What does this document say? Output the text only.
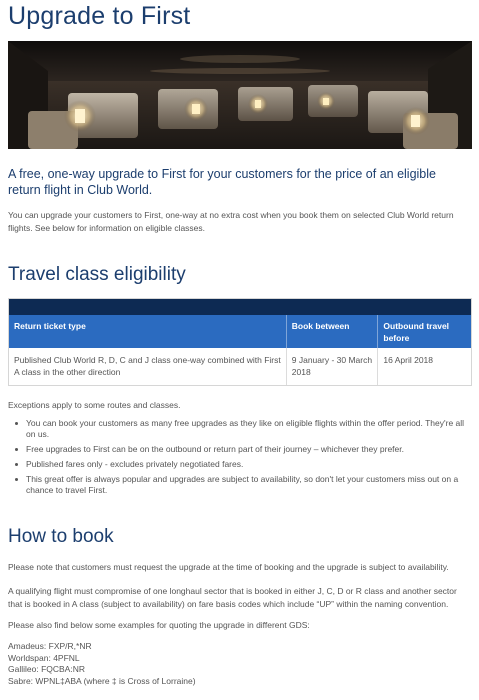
Upgrade to First

A free, one-way upgrade to First for your customers for the price of an eligible return flight in Club World.

You can upgrade your customers to First, one-way at no extra cost when you book them on selected Club World return flights. See below for information on eligible classes.

Travel class eligibility
Return ticket type	Book between	Outbound travel before
Published Club World R, D, C and J class one-way combined with First A class in the other direction
9 January - 30 March 2018
16 April 2018

Exceptions apply to some routes and classes.

You can book your customers as many free upgrades as they like on eligible flights within the offer period. They're all on us.
Free upgrades to First can be on the outbound or return part of their journey – whichever they prefer.
Published fares only - excludes privately negotiated fares.
This great offer is always popular and upgrades are subject to availability, so don't let your customers miss out on a chance to travel First.
How to book

Please note that customers must request the upgrade at the time of booking and the upgrade is subject to availability.

A qualifying flight must compromise of one longhaul sector that is booked in either J, C, D or R class and another sector that is booked in A class (subject to availability) on fare basis codes which include “UP” within the naming convention.

Please also find below some examples for quoting the upgrade in different GDS:

Amadeus: FXP/R,*NR
Worldspan: 4PFNL
Gallileo: FQCBA:NR
Sabre: WPNL‡ABA (where ‡ is Cross of Lorraine)
